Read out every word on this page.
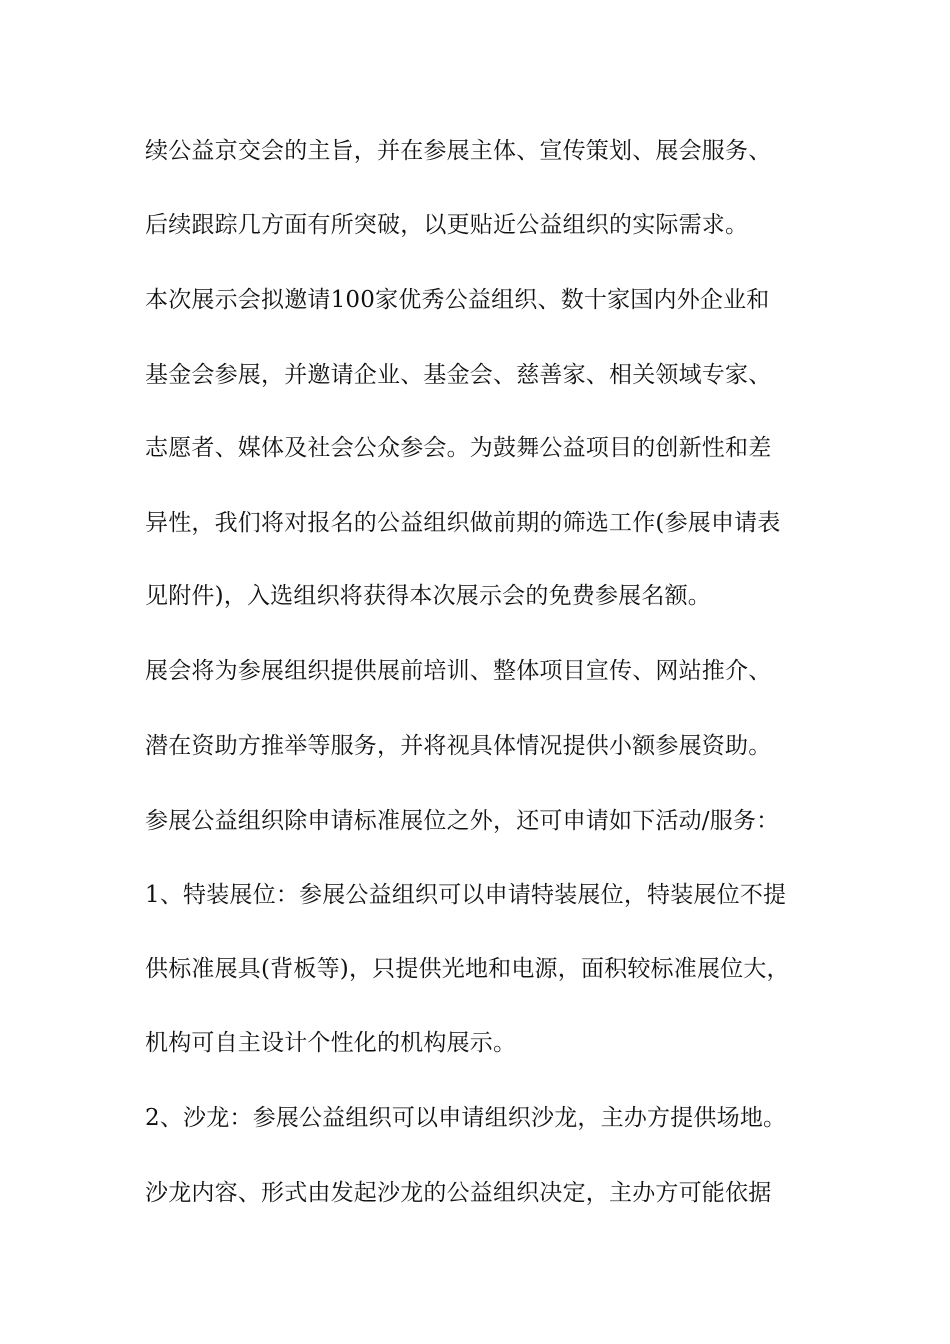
续公益京交会的主旨，并在参展主体、宣传策划、展会服务、
后续跟踪几方面有所突破，以更贴近公益组织的实际需求。
本次展示会拟邀请100家优秀公益组织、数十家国内外企业和
基金会参展，并邀请企业、基金会、慈善家、相关领域专家、
志愿者、媒体及社会公众参会。为鼓舞公益项目的创新性和差
异性，我们将对报名的公益组织做前期的筛选工作(参展申请表
见附件)，入选组织将获得本次展示会的免费参展名额。
展会将为参展组织提供展前培训、整体项目宣传、网站推介、
潜在资助方推举等服务，并将视具体情况提供小额参展资助。
参展公益组织除申请标准展位之外，还可申请如下活动/服务：
1、特装展位：参展公益组织可以申请特装展位，特装展位不提
供标准展具(背板等)，只提供光地和电源，面积较标准展位大，
机构可自主设计个性化的机构展示。
2、沙龙：参展公益组织可以申请组织沙龙，主办方提供场地。
沙龙内容、形式由发起沙龙的公益组织决定，主办方可能依据
